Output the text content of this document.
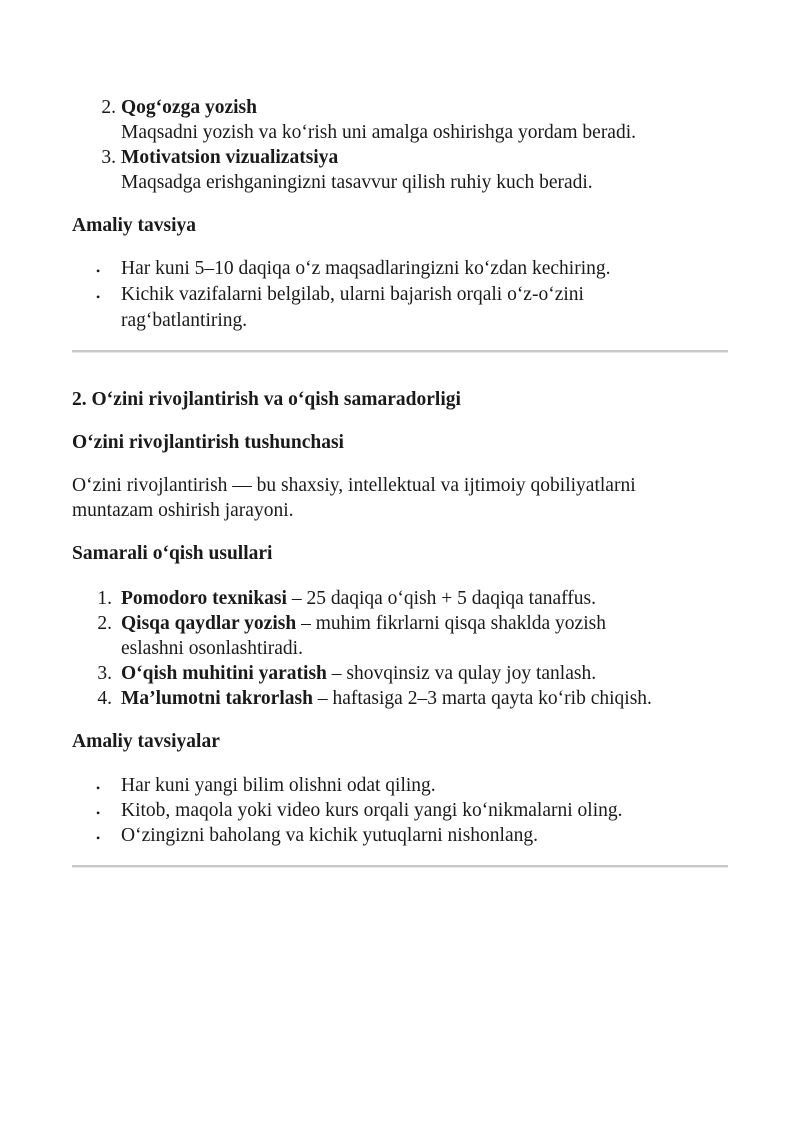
2. Qog‘ozga yozish
Maqsadni yozish va ko‘rish uni amalga oshirishga yordam beradi.
3. Motivatsion vizualizatsiya
Maqsadga erishganingizni tasavvur qilish ruhiy kuch beradi.
Amaliy tavsiya
• Har kuni 5–10 daqiqa o‘z maqsadlaringizni ko‘zdan kechiring.
• Kichik vazifalarni belgilab, ularni bajarish orqali o‘z-o‘zini
rag‘batlantiring.
2. O‘zini rivojlantirish va o‘qish samaradorligi
O‘zini rivojlantirish tushunchasi
O‘zini rivojlantirish — bu shaxsiy, intellektual va ijtimoiy qobiliyatlarni
muntazam oshirish jarayoni.
Samarali o‘qish usullari
1. Pomodoro texnikasi – 25 daqiqa o‘qish + 5 daqiqa tanaffus.
2. Qisqa qaydlar yozish – muhim fikrlarni qisqa shaklda yozish
eslashni osonlashtiradi.
3. O‘qish muhitini yaratish – shovqinsiz va qulay joy tanlash.
4. Ma’lumotni takrorlash – haftasiga 2–3 marta qayta ko‘rib chiqish.
Amaliy tavsiyalar
• Har kuni yangi bilim olishni odat qiling.
• Kitob, maqola yoki video kurs orqali yangi ko‘nikmalarni oling.
• O‘zingizni baholang va kichik yutuqlarni nishonlang.
